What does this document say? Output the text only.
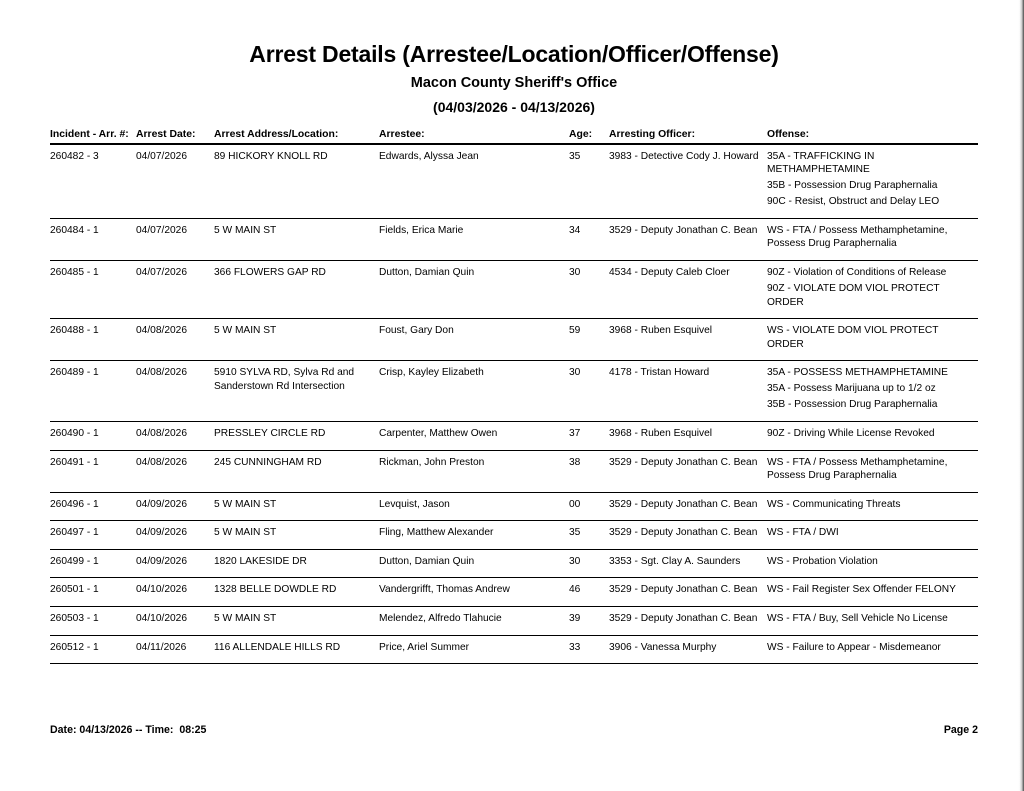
Arrest Details (Arrestee/Location/Officer/Offense)
Macon County Sheriff's Office
(04/03/2026 - 04/13/2026)
Incident - Arr. #:	Arrest Date:	Arrest Address/Location:	Arrestee:	Age:	Arresting Officer:	Offense:
260482 - 3	04/07/2026	89 HICKORY KNOLL RD	Edwards, Alyssa Jean	35	3983 - Detective Cody J. Howard	35A - TRAFFICKING IN METHAMPHETAMINE
35B - Possession Drug Paraphernalia
90C - Resist, Obstruct and Delay LEO

260484 - 1	04/07/2026	5 W MAIN ST	Fields, Erica Marie	34	3529 - Deputy Jonathan C. Bean	WS - FTA / Possess Methamphetamine, Possess Drug Paraphernalia

260485 - 1	04/07/2026	366 FLOWERS GAP RD	Dutton, Damian Quin	30	4534 - Deputy Caleb Cloer	90Z - Violation of Conditions of Release
90Z - VIOLATE DOM VIOL PROTECT ORDER

260488 - 1	04/08/2026	5 W MAIN ST	Foust, Gary Don	59	3968 - Ruben Esquivel	WS - VIOLATE DOM VIOL PROTECT ORDER

260489 - 1	04/08/2026	5910 SYLVA RD, Sylva Rd and Sanderstown Rd Intersection	Crisp, Kayley Elizabeth	30	4178 - Tristan Howard	35A - POSSESS METHAMPHETAMINE
35A - Possess Marijuana up to 1/2 oz
35B - Possession Drug Paraphernalia

260490 - 1	04/08/2026	PRESSLEY CIRCLE RD	Carpenter, Matthew Owen	37	3968 - Ruben Esquivel	90Z - Driving While License Revoked

260491 - 1	04/08/2026	245 CUNNINGHAM RD	Rickman, John Preston	38	3529 - Deputy Jonathan C. Bean	WS - FTA / Possess Methamphetamine, Possess Drug Paraphernalia

260496 - 1	04/09/2026	5 W MAIN ST	Levquist, Jason	00	3529 - Deputy Jonathan C. Bean	WS - Communicating Threats

260497 - 1	04/09/2026	5 W MAIN ST	Fling, Matthew Alexander	35	3529 - Deputy Jonathan C. Bean	WS - FTA / DWI

260499 - 1	04/09/2026	1820 LAKESIDE DR	Dutton, Damian Quin	30	3353 - Sgt. Clay A. Saunders	WS - Probation Violation

260501 - 1	04/10/2026	1328 BELLE DOWDLE RD	Vandergrifft, Thomas Andrew	46	3529 - Deputy Jonathan C. Bean	WS - Fail Register Sex Offender FELONY

260503 - 1	04/10/2026	5 W MAIN ST	Melendez, Alfredo Tlahucie	39	3529 - Deputy Jonathan C. Bean	WS - FTA / Buy, Sell Vehicle No License

260512 - 1	04/11/2026	116 ALLENDALE HILLS RD	Price, Ariel Summer	33	3906 - Vanessa Murphy	WS - Failure to Appear - Misdemeanor
Date: 04/13/2026 -- Time:  08:25	Page 2
